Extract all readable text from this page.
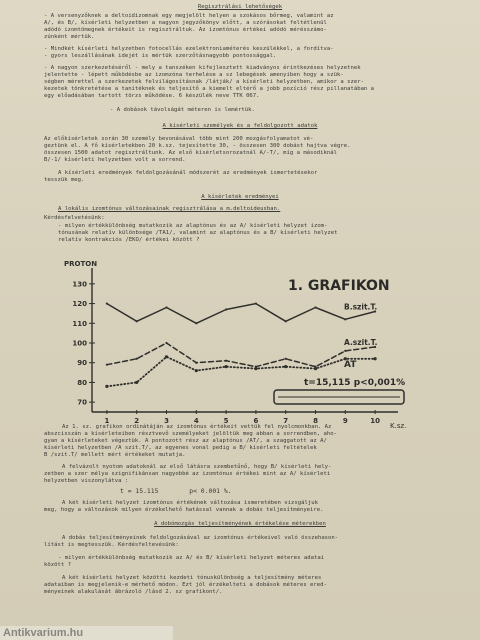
Regisztrálási lehetőségek
- A versenyzőknek a deltoidizomnak egy megjelölt helyen a szokásos bőrmeg, valamint az
A/, és B/, kísérleti helyzetben a nagyon jegyzőkönyv előtt, a szórásokat feltétlenül
adódó izomtömegnek értékeit is regisztráltuk. Az izomtónus értékei adódó mérésszámo-
zúnként mértük.
- Mindkét kísérleti helyzetben fotocellás ezelektroniaméterés keszülékkel, a fordítva-
- gyors leszállásának idejét is mértük szerzőtásnagyobb pontossággal.
- A nagyon szerkezetéséről - mely a tanszéken kifejlesztett kiadványos érintkezéses helyzetnek
jelentette - lépett működésbe az izomzóna terhelése a sz lebegések amenyiben hogy a szük-
ségben mérettel a szerkezetek felvilágosításnak /látják/ a kísérleti helyzetben, amikor a szer-
kezetek tönkretétése a tanítéknek és teljesítő a kiemelt eltérő a jobb pozíció rész pillanatában a
egy előadásában tartott törzs működése. 6 készülék neve TTK 067.
- A dobások távolságát méteren is lemértük.
A kísérleti személyek és a feldolgozott adatok
Az előkísérletek során 30 személy bevonásával több mint 200 mozgásfolyamatot vé-
geztünk el. A fő kísérletekben 20 k.sz. tejesítette 30, - összesen 300 dobást hajtva végre.
összesen 1500 adatot regisztráltunk. Az első kísérletsorozatnál A/-T/, míg a másodiknál
B/-1/ kísérleti helyzetben volt a sorrend.
A kísérleti eredmények feldolgozásánál módszerét az eredmények ismertetésekor
tesszük meg.
A kísérletek eredményei
A lokális izomtónus változásainak regisztrálása a m.deltoideusban.
Kérdésfelvetésünk:
- milyen értékkülönbség mutatkozik az alaptónus és az A/ kísérleti helyzet izom-
tónusának relatív különbsége /TA1/, valamint az alaptónus és a B/ kísérleti helyzet
relatív kontrakciós /EKO/ értékei között ?
PROTON
1. GRAFIKON
K.sz.
t=15,115 p<0,001%
70
80
90
100
110
120
130
1	2	3	4	5	6	7	8	9	10
B.szit.T.
A.szit.T.
AT
Az 1. sz. grafikon ordinátáján az izomtónus értékeit vettük fel nyolcmonkban. Az
abszcisszán a kísérleteiben résztvevő személyeket jelöltük meg abban a sorrendben, aho-
gyan a kísérleteket végeztük. A pontozott rész az alaptónus /AT/, a szaggatott az A/
kísérleti helyzetben /A szit.T/, az egyenes vonal pedig a B/ kísérleti feltételek
B /szit.T/ mellett mért értékeket mutatja.
A felvázolt nyotom adatoknál az első látásra szembetűnő, hogy B/ kísérleti hely-
zetben a szer mélya szignifikánsan nagyobbé az izomtónus értékei mint az A/ kísérleti
helyzetben viszonylátva :
t = 15.115        p< 0.001 %.
A két kísérleti helyzet izomtónus értékének változása ismeretében vizsgáljuk
meg, hogy a változások milyen érzékelhető hatással vannak a dobás teljesítményeire.
A dobómozgás teljesítményének értékelése méterekben
A dobás teljesítményeinek feldolgozásával az izomtónus értékeivel való összehason-
lítást is megtesszük. Kérdésfeltevésünk:
- milyen értékkülönbség mutatkozik az A/ és B/ kísérleti helyzet méteres adatai
között ?
A két kísérleti helyzet közötti kezdeti tónuskülönbség a teljesítmény méteres
adataiban is megjelenik-e mérhető módon. Ezt jól érzékelteti a dobások méteres ered-
ményeinek alakulását ábrázoló /lásd 2. sz grafikont/.
Antikvarium.hu
